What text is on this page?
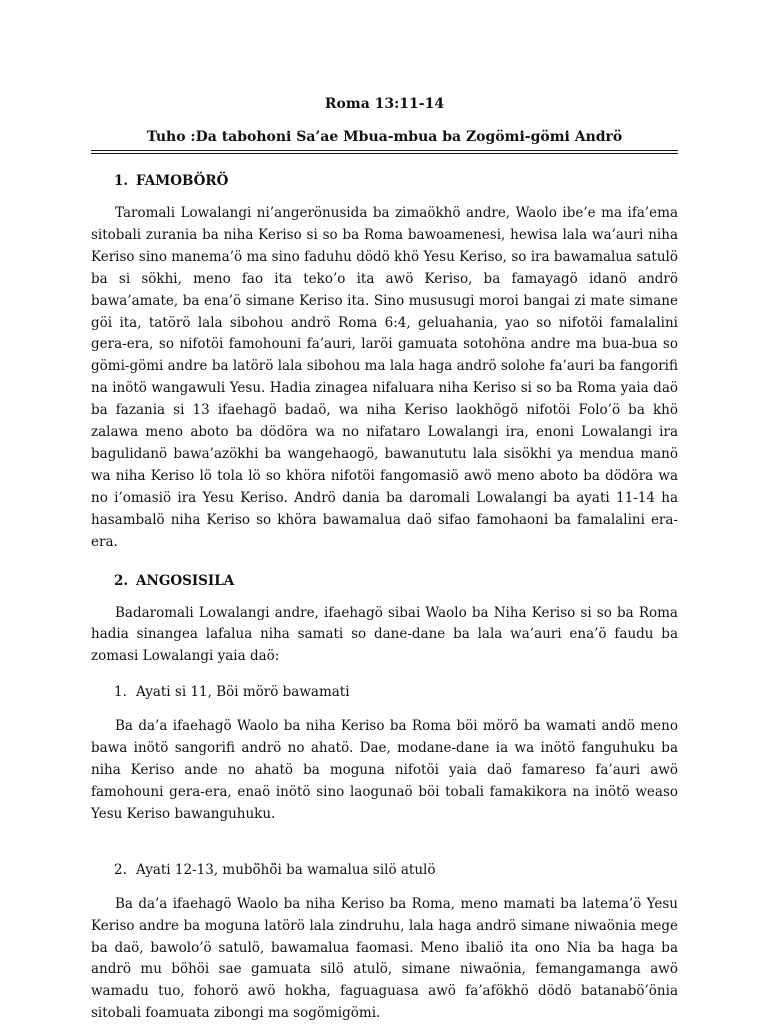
Roma 13:11-14
Tuho :Da tabohoni Sa’ae Mbua-mbua ba Zogömi-gömi Andrö
1. FAMOBÖRÖ

Taromali Lowalangi ni’angerönusida ba zimaökhö andre, Waolo ibe’e ma ifa’ema sitobali zurania ba niha Keriso si so ba Roma bawoamenesi, hewisa lala wa’auri niha Keriso sino manema’ö ma sino faduhu dödö khö Yesu Keriso, so ira bawamalua satulö ba si sökhi, meno fao ita teko’o ita awö Keriso, ba famayagö idanö andrö bawa’amate, ba ena’ö simane Keriso ita. Sino mususugi moroi bangai zi mate simane göi ita, tatörö lala sibohou andrö Roma 6:4, geluahania, yao so nifotöi famalalini gera-era, so nifotöi famohouni fa’auri, laröi gamuata sotohöna andre ma bua-bua so gömi-gömi andre ba latörö lala sibohou ma lala haga andrö solohe fa’auri ba fangorifi na inötö wangawuli Yesu. Hadia zinagea nifaluara niha Keriso si so ba Roma yaia daö ba fazania si 13 ifaehagö badaö, wa niha Keriso laokhögö nifotöi Folo’ö ba khö zalawa meno aboto ba dödöra wa no nifataro Lowalangi ira, enoni Lowalangi ira bagulidanö bawa’azökhi ba wangehaogö, bawanututu lala sisökhi ya mendua manö wa niha Keriso lö tola lö so khöra nifotöi fangomasiö awö meno aboto ba dödöra wa no i’omasiö ira Yesu Keriso. Andrö dania ba daromali Lowalangi ba ayati 11-14 ha hasambalö niha Keriso so khöra bawamalua daö sifao famohaoni ba famalalini era-era.

2. ANGOSISILA

Badaromali Lowalangi andre, ifaehagö sibai Waolo ba Niha Keriso si so ba Roma hadia sinangea lafalua niha samati so dane-dane ba lala wa’auri ena’ö faudu ba zomasi Lowalangi yaia daö:

1. Ayati si 11, Böi mörö bawamati

Ba da’a ifaehagö Waolo ba niha Keriso ba Roma böi mörö ba wamati andö meno bawa inötö sangorifi andrö no ahatö. Dae, modane-dane ia wa inötö fanguhuku ba niha Keriso ande no ahatö ba moguna nifotöi yaia daö famareso fa’auri awö famohouni gera-era, enaö inötö sino laogunaö böi tobali famakikora na inötö weaso Yesu Keriso bawanguhuku.

2. Ayati 12-13, mubö̈hö̈i ba wamalua silö atulö

Ba da’a ifaehagö Waolo ba niha Keriso ba Roma, meno mamati ba latema’ö Yesu Keriso andre ba moguna latörö lala zindruhu, lala haga andrö simane niwaönia mege ba daö, bawolo’ö satulö, bawamalua faomasi. Meno ibaliö ita ono Nia ba haga ba andrö mu böhöi sae gamuata silö atulö, simane niwaönia, femangamanga awö wamadu tuo, fohorö awö hokha, faguaguasa awö fa’afökhö dödö batanabö’önia sitobali foamuata zibongi ma sogömigömi.
